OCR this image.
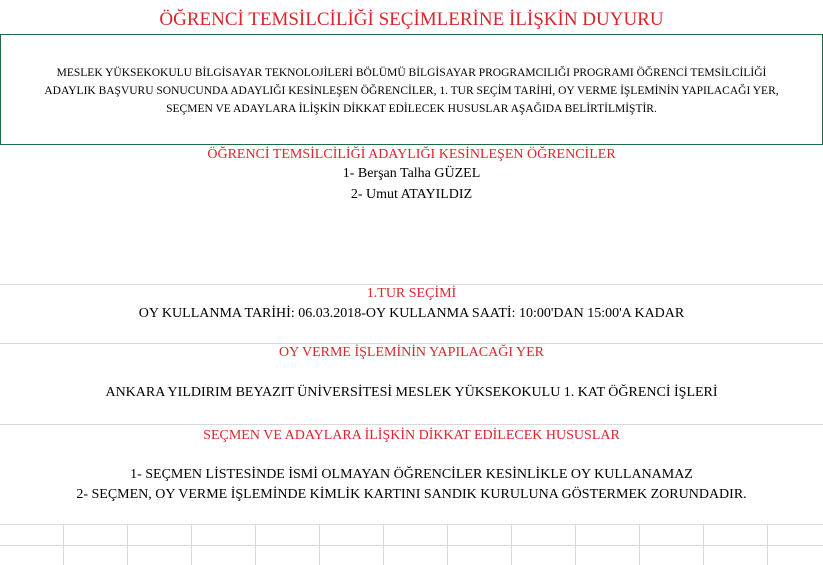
ÖĞRENCİ TEMSİLCİLİĞİ SEÇİMLERİNE İLİŞKİN DUYURU
MESLEK YÜKSEKOKULU BİLGİSAYAR TEKNOLOJİLERİ BÖLÜMÜ BİLGİSAYAR PROGRAMCILIĞI PROGRAMI ÖĞRENCİ TEMSİLCİLİĞİ
ADAYLIK BAŞVURU SONUCUNDA ADAYLIĞI KESİNLEŞEN ÖĞRENCİLER, 1. TUR SEÇİM TARİHİ, OY VERME İŞLEMİNİN YAPILACAĞI YER,
SEÇMEN VE ADAYLARA İLİŞKİN DİKKAT EDİLECEK HUSUSLAR AŞAĞIDA BELİRTİLMİŞTİR.
ÖĞRENCİ TEMSİLCİLİĞİ ADAYLIĞI KESİNLEŞEN ÖĞRENCİLER
1- Berşan Talha GÜZEL
2- Umut ATAYILDIZ
1.TUR SEÇİMİ
OY KULLANMA TARİHİ: 06.03.2018-OY KULLANMA SAATİ: 10:00'DAN 15:00'A KADAR
OY VERME İŞLEMİNİN YAPILACAĞI YER
ANKARA YILDIRIM BEYAZIT ÜNİVERSİTESİ MESLEK YÜKSEKOKULU 1. KAT ÖĞRENCİ İŞLERİ
SEÇMEN VE ADAYLARA İLİŞKİN DİKKAT EDİLECEK HUSUSLAR
1- SEÇMEN LİSTESİNDE İSMİ OLMAYAN ÖĞRENCİLER KESİNLİKLE OY KULLANAMAZ
2- SEÇMEN, OY VERME İŞLEMİNDE KİMLİK KARTINI SANDIK KURULUNA GÖSTERMEK ZORUNDADIR.
